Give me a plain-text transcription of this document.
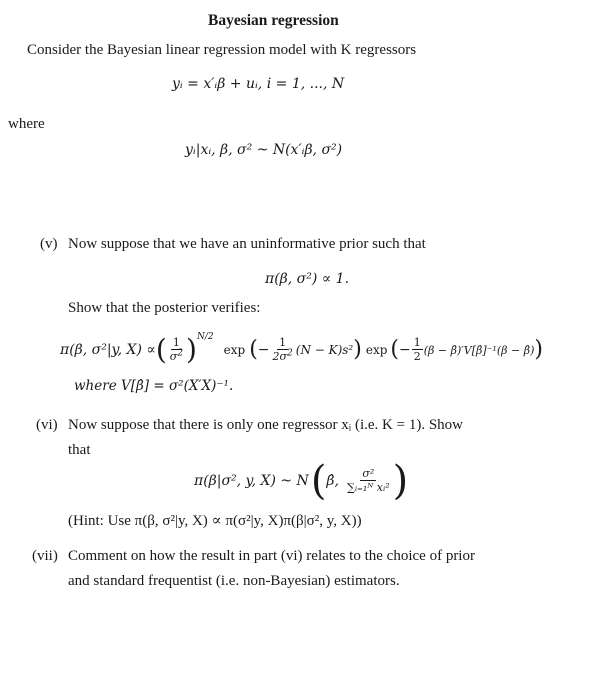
Bayesian regression
Consider the Bayesian linear regression model with K regressors
yᵢ = x′ᵢβ + uᵢ, i = 1, ..., N
where
yᵢ|xᵢ, β, σ² ~ N(x′ᵢβ, σ²)
(v) Now suppose that we have an uninformative prior such that
π(β, σ²) ∝ 1.
Show that the posterior verifies:
π(β, σ²|y, X) ∝ ( $\frac{1}{\sigma^2}$ ) N/2
exp ( − $\frac{1}{2\sigma^2} (N - K)s^2$ ) exp ( − $\frac{1}{2} (\beta$ − β̂)′V[β̂]⁻¹(β − β̂) )
where V[β̂] = σ²(X′X)⁻¹.
(vi) Now suppose that there is only one regressor xᵢ (i.e. K = 1). Show
that
π(β|σ², y, X) ~ N ( β̂, $\frac{\text{σ²}}{\text{∑ᵢ₌₁ᴺ xᵢ²}}$ )
(Hint: Use π(β, σ²|y, X) ∝ π(σ²|y, X)π(β|σ², y, X))
(vii) Comment on how the result in part (vi) relates to the choice of prior
and standard frequentist (i.e. non-Bayesian) estimators.
